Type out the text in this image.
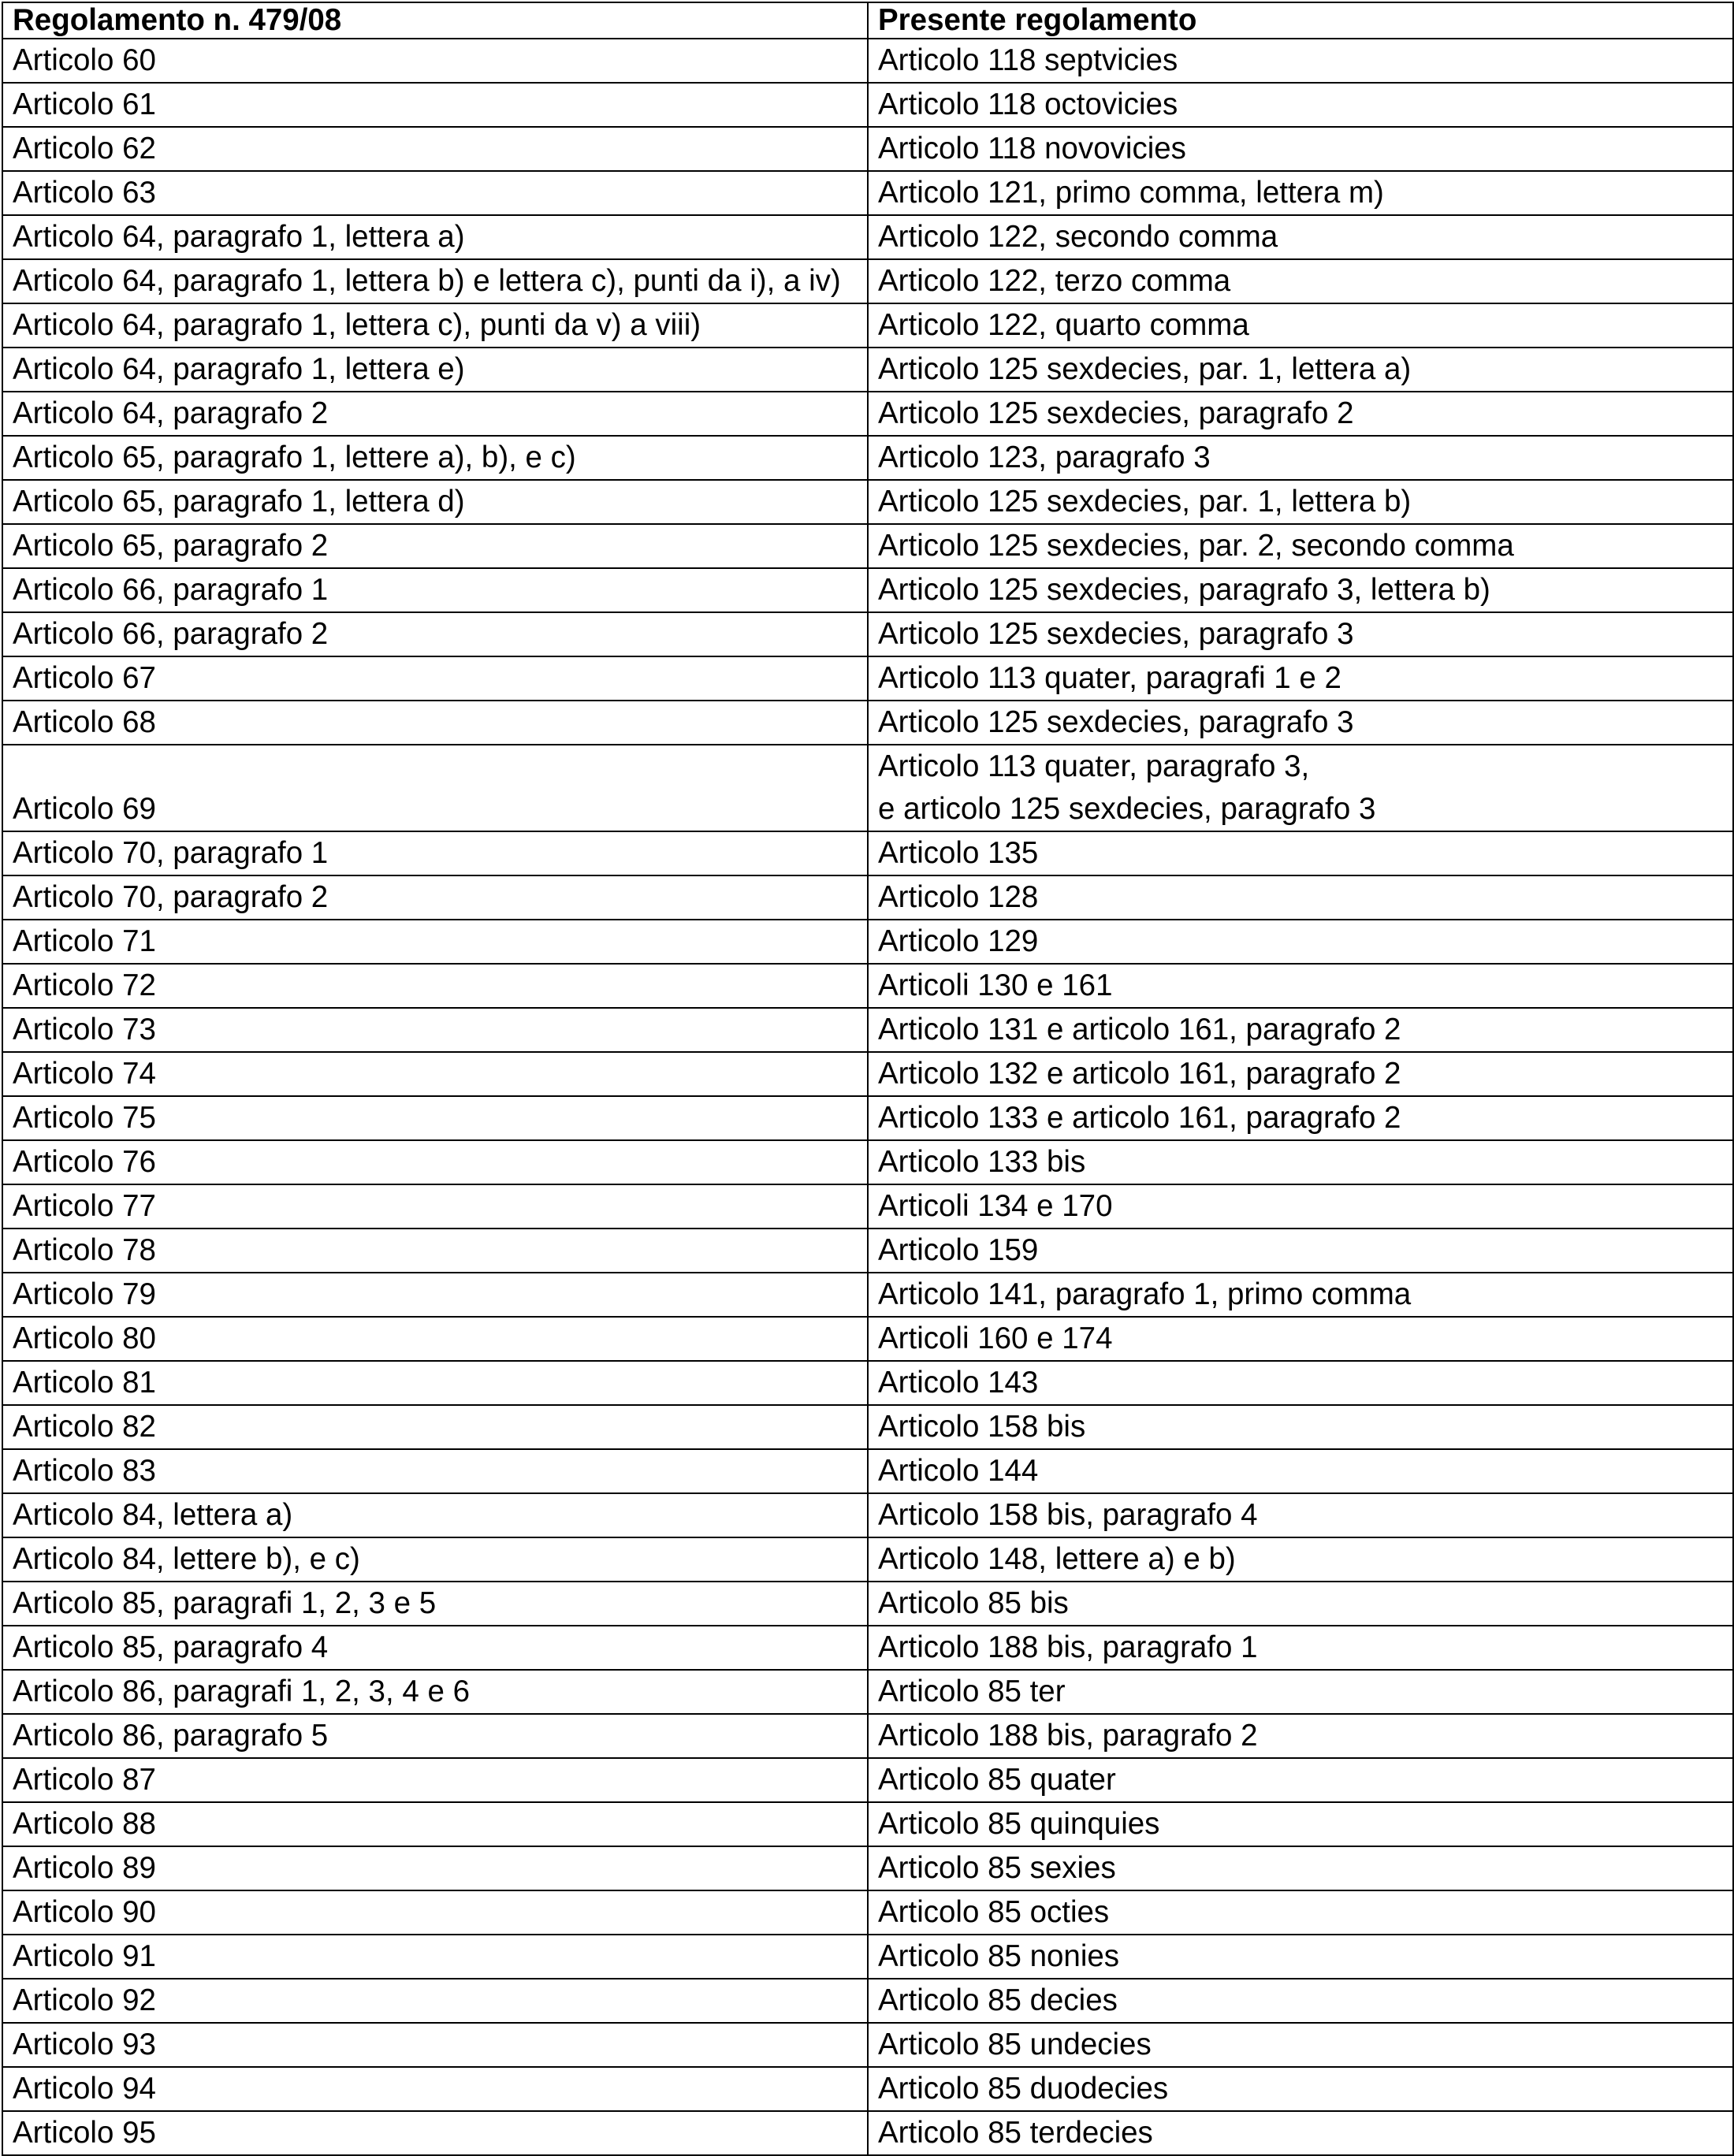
Regolamento n. 479/08	Presente regolamento

Articolo 60	Articolo 118 septvicies

Articolo 61	Articolo 118 octovicies

Articolo 62	Articolo 118 novovicies

Articolo 63	Articolo 121, primo comma, lettera m)

Articolo 64, paragrafo 1, lettera a)	Articolo 122, secondo comma

Articolo 64, paragrafo 1, lettera b) e lettera c), punti da i), a iv)	Articolo 122, terzo comma

Articolo 64, paragrafo 1, lettera c), punti da v) a viii)	Articolo 122, quarto comma

Articolo 64, paragrafo 1, lettera e)	Articolo 125 sexdecies, par. 1, lettera a)

Articolo 64, paragrafo 2	Articolo 125 sexdecies, paragrafo 2

Articolo 65, paragrafo 1, lettere a), b), e c)	Articolo 123, paragrafo 3

Articolo 65, paragrafo 1, lettera d)	Articolo 125 sexdecies, par. 1, lettera b)

Articolo 65, paragrafo 2	Articolo 125 sexdecies, par. 2, secondo comma

Articolo 66, paragrafo 1	Articolo 125 sexdecies, paragrafo 3, lettera b)

Articolo 66, paragrafo 2	Articolo 125 sexdecies, paragrafo 3

Articolo 67	Articolo 113 quater, paragrafi 1 e 2

Articolo 68	Articolo 125 sexdecies, paragrafo 3

Articolo 69	Articolo 113 quater, paragrafo 3,
e articolo 125 sexdecies, paragrafo 3

Articolo 70, paragrafo 1	Articolo 135

Articolo 70, paragrafo 2	Articolo 128

Articolo 71	Articolo 129

Articolo 72	Articoli 130 e 161

Articolo 73	Articolo 131 e articolo 161, paragrafo 2

Articolo 74	Articolo 132 e articolo 161, paragrafo 2

Articolo 75	Articolo 133 e articolo 161, paragrafo 2

Articolo 76	Articolo 133 bis

Articolo 77	Articoli 134 e 170

Articolo 78	Articolo 159

Articolo 79	Articolo 141, paragrafo 1, primo comma

Articolo 80	Articoli 160 e 174

Articolo 81	Articolo 143

Articolo 82	Articolo 158 bis

Articolo 83	Articolo 144

Articolo 84, lettera a)	Articolo 158 bis, paragrafo 4

Articolo 84, lettere b), e c)	Articolo 148, lettere a) e b)

Articolo 85, paragrafi 1, 2, 3 e 5	Articolo 85 bis

Articolo 85, paragrafo 4	Articolo 188 bis, paragrafo 1

Articolo 86, paragrafi 1, 2, 3, 4 e 6	Articolo 85 ter

Articolo 86, paragrafo 5	Articolo 188 bis, paragrafo 2

Articolo 87	Articolo 85 quater

Articolo 88	Articolo 85 quinquies

Articolo 89	Articolo 85 sexies

Articolo 90	Articolo 85 octies

Articolo 91	Articolo 85 nonies

Articolo 92	Articolo 85 decies

Articolo 93	Articolo 85 undecies

Articolo 94	Articolo 85 duodecies

Articolo 95	Articolo 85 terdecies
